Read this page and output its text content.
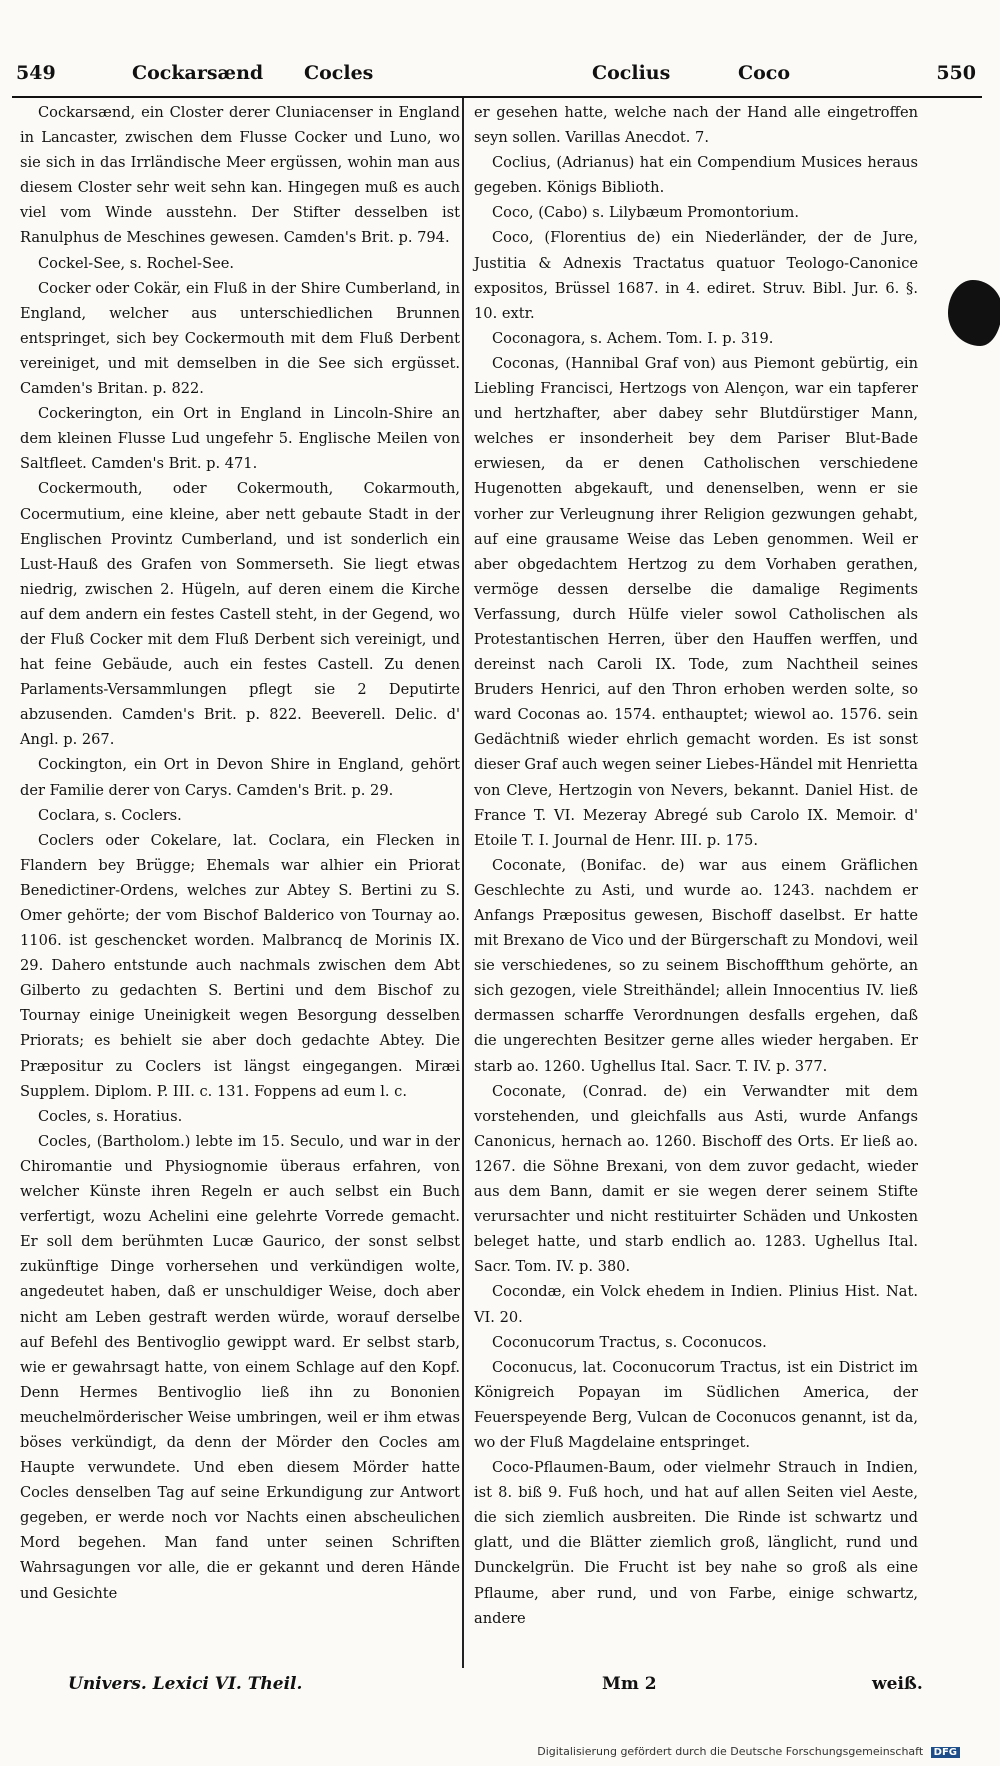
549	Cockarsænd Cocles	Coclius	Coco	550

Cockarsænd, ein Closter derer Cluniacenser in England in Lancaster, zwischen dem Flusse Cocker und Luno, wo sie sich in das Irrländische Meer ergüssen, wohin man aus diesem Closter sehr weit sehn kan. Hingegen muß es auch viel vom Winde ausstehn. Der Stifter desselben ist Ranulphus de Meschines gewesen. Camden's Brit. p. 794.

Cockel-See, s. Rochel-See.

Cocker oder Cokär, ein Fluß in der Shire Cumberland, in England, welcher aus unterschiedlichen Brunnen entspringet, sich bey Cockermouth mit dem Fluß Derbent vereiniget, und mit demselben in die See sich ergüsset. Camden's Britan. p. 822.

Cockerington, ein Ort in England in Lincoln-Shire an dem kleinen Flusse Lud ungefehr 5. Englische Meilen von Saltfleet. Camden's Brit. p. 471.

Cockermouth, oder Cokermouth, Cokarmouth, Cocermutium, eine kleine, aber nett gebaute Stadt in der Englischen Provintz Cumberland, und ist sonderlich ein Lust-Hauß des Grafen von Sommerseth. Sie liegt etwas niedrig, zwischen 2. Hügeln, auf deren einem die Kirche auf dem andern ein festes Castell steht, in der Gegend, wo der Fluß Cocker mit dem Fluß Derbent sich vereinigt, und hat feine Gebäude, auch ein festes Castell. Zu denen Parlaments-Versammlungen pflegt sie 2 Deputirte abzusenden. Camden's Brit. p. 822. Beeverell. Delic. d' Angl. p. 267.

Cockington, ein Ort in Devon Shire in England, gehört der Familie derer von Carys. Camden's Brit. p. 29.

Coclara, s. Coclers.

Coclers oder Cokelare, lat. Coclara, ein Flecken in Flandern bey Brügge; Ehemals war alhier ein Priorat Benedictiner-Ordens, welches zur Abtey S. Bertini zu S. Omer gehörte; der vom Bischof Balderico von Tournay ao. 1106. ist geschencket worden. Malbrancq de Morinis IX. 29. Dahero entstunde auch nachmals zwischen dem Abt Gilberto zu gedachten S. Bertini und dem Bischof zu Tournay einige Uneinigkeit wegen Besorgung desselben Priorats; es behielt sie aber doch gedachte Abtey. Die Præpositur zu Coclers ist längst eingegangen. Miræi Supplem. Diplom. P. III. c. 131. Foppens ad eum l. c.

Cocles, s. Horatius.

Cocles, (Bartholom.) lebte im 15. Seculo, und war in der Chiromantie und Physiognomie überaus erfahren, von welcher Künste ihren Regeln er auch selbst ein Buch verfertigt, wozu Achelini eine gelehrte Vorrede gemacht. Er soll dem berühmten Lucæ Gaurico, der sonst selbst zukünftige Dinge vorhersehen und verkündigen wolte, angedeutet haben, daß er unschuldiger Weise, doch aber nicht am Leben gestraft werden würde, worauf derselbe auf Befehl des Bentivoglio gewippt ward. Er selbst starb, wie er gewahrsagt hatte, von einem Schlage auf den Kopf. Denn Hermes Bentivoglio ließ ihn zu Bononien meuchelmörderischer Weise umbringen, weil er ihm etwas böses verkündigt, da denn der Mörder den Cocles am Haupte verwundete. Und eben diesem Mörder hatte Cocles denselben Tag auf seine Erkundigung zur Antwort gegeben, er werde noch vor Nachts einen abscheulichen Mord begehen. Man fand unter seinen Schriften Wahrsagungen vor alle, die er gekannt und deren Hände und Gesichte

er gesehen hatte, welche nach der Hand alle eingetroffen seyn sollen. Varillas Anecdot. 7.

Coclius, (Adrianus) hat ein Compendium Musices heraus gegeben. Königs Biblioth.

Coco, (Cabo) s. Lilybæum Promontorium.

Coco, (Florentius de) ein Niederländer, der de Jure, Justitia & Adnexis Tractatus quatuor Teologo-Canonice expositos, Brüssel 1687. in 4. ediret. Struv. Bibl. Jur. 6. §. 10. extr.

Coconagora, s. Achem. Tom. I. p. 319.

Coconas, (Hannibal Graf von) aus Piemont gebürtig, ein Liebling Francisci, Hertzogs von Alençon, war ein tapferer und hertzhafter, aber dabey sehr Blutdürstiger Mann, welches er insonderheit bey dem Pariser Blut-Bade erwiesen, da er denen Catholischen verschiedene Hugenotten abgekauft, und denenselben, wenn er sie vorher zur Verleugnung ihrer Religion gezwungen gehabt, auf eine grausame Weise das Leben genommen. Weil er aber obgedachtem Hertzog zu dem Vorhaben gerathen, vermöge dessen derselbe die damalige Regiments Verfassung, durch Hülfe vieler sowol Catholischen als Protestantischen Herren, über den Hauffen werffen, und dereinst nach Caroli IX. Tode, zum Nachtheil seines Bruders Henrici, auf den Thron erhoben werden solte, so ward Coconas ao. 1574. enthauptet; wiewol ao. 1576. sein Gedächtniß wieder ehrlich gemacht worden. Es ist sonst dieser Graf auch wegen seiner Liebes-Händel mit Henrietta von Cleve, Hertzogin von Nevers, bekannt. Daniel Hist. de France T. VI. Mezeray Abregé sub Carolo IX. Memoir. d' Etoile T. I. Journal de Henr. III. p. 175.

Coconate, (Bonifac. de) war aus einem Gräflichen Geschlechte zu Asti, und wurde ao. 1243. nachdem er Anfangs Præpositus gewesen, Bischoff daselbst. Er hatte mit Brexano de Vico und der Bürgerschaft zu Mondovi, weil sie verschiedenes, so zu seinem Bischoffthum gehörte, an sich gezogen, viele Streithändel; allein Innocentius IV. ließ dermassen scharffe Verordnungen desfalls ergehen, daß die ungerechten Besitzer gerne alles wieder hergaben. Er starb ao. 1260. Ughellus Ital. Sacr. T. IV. p. 377.

Coconate, (Conrad. de) ein Verwandter mit dem vorstehenden, und gleichfalls aus Asti, wurde Anfangs Canonicus, hernach ao. 1260. Bischoff des Orts. Er ließ ao. 1267. die Söhne Brexani, von dem zuvor gedacht, wieder aus dem Bann, damit er sie wegen derer seinem Stifte verursachter und nicht restituirter Schäden und Unkosten beleget hatte, und starb endlich ao. 1283. Ughellus Ital. Sacr. Tom. IV. p. 380.

Cocondæ, ein Volck ehedem in Indien. Plinius Hist. Nat. VI. 20.

Coconucorum Tractus, s. Coconucos.

Coconucus, lat. Coconucorum Tractus, ist ein District im Königreich Popayan im Südlichen America, der Feuerspeyende Berg, Vulcan de Coconucos genannt, ist da, wo der Fluß Magdelaine entspringet.

Coco-Pflaumen-Baum, oder vielmehr Strauch in Indien, ist 8. biß 9. Fuß hoch, und hat auf allen Seiten viel Aeste, die sich ziemlich ausbreiten. Die Rinde ist schwartz und glatt, und die Blätter ziemlich groß, länglicht, rund und Dunckelgrün. Die Frucht ist bey nahe so groß als eine Pflaume, aber rund, und von Farbe, einige schwartz, andere

Univers. Lexici VI. Theil.	Mm 2	weiß.
Digitalisierung gefördert durch die Deutsche Forschungsgemeinschaft DFG
